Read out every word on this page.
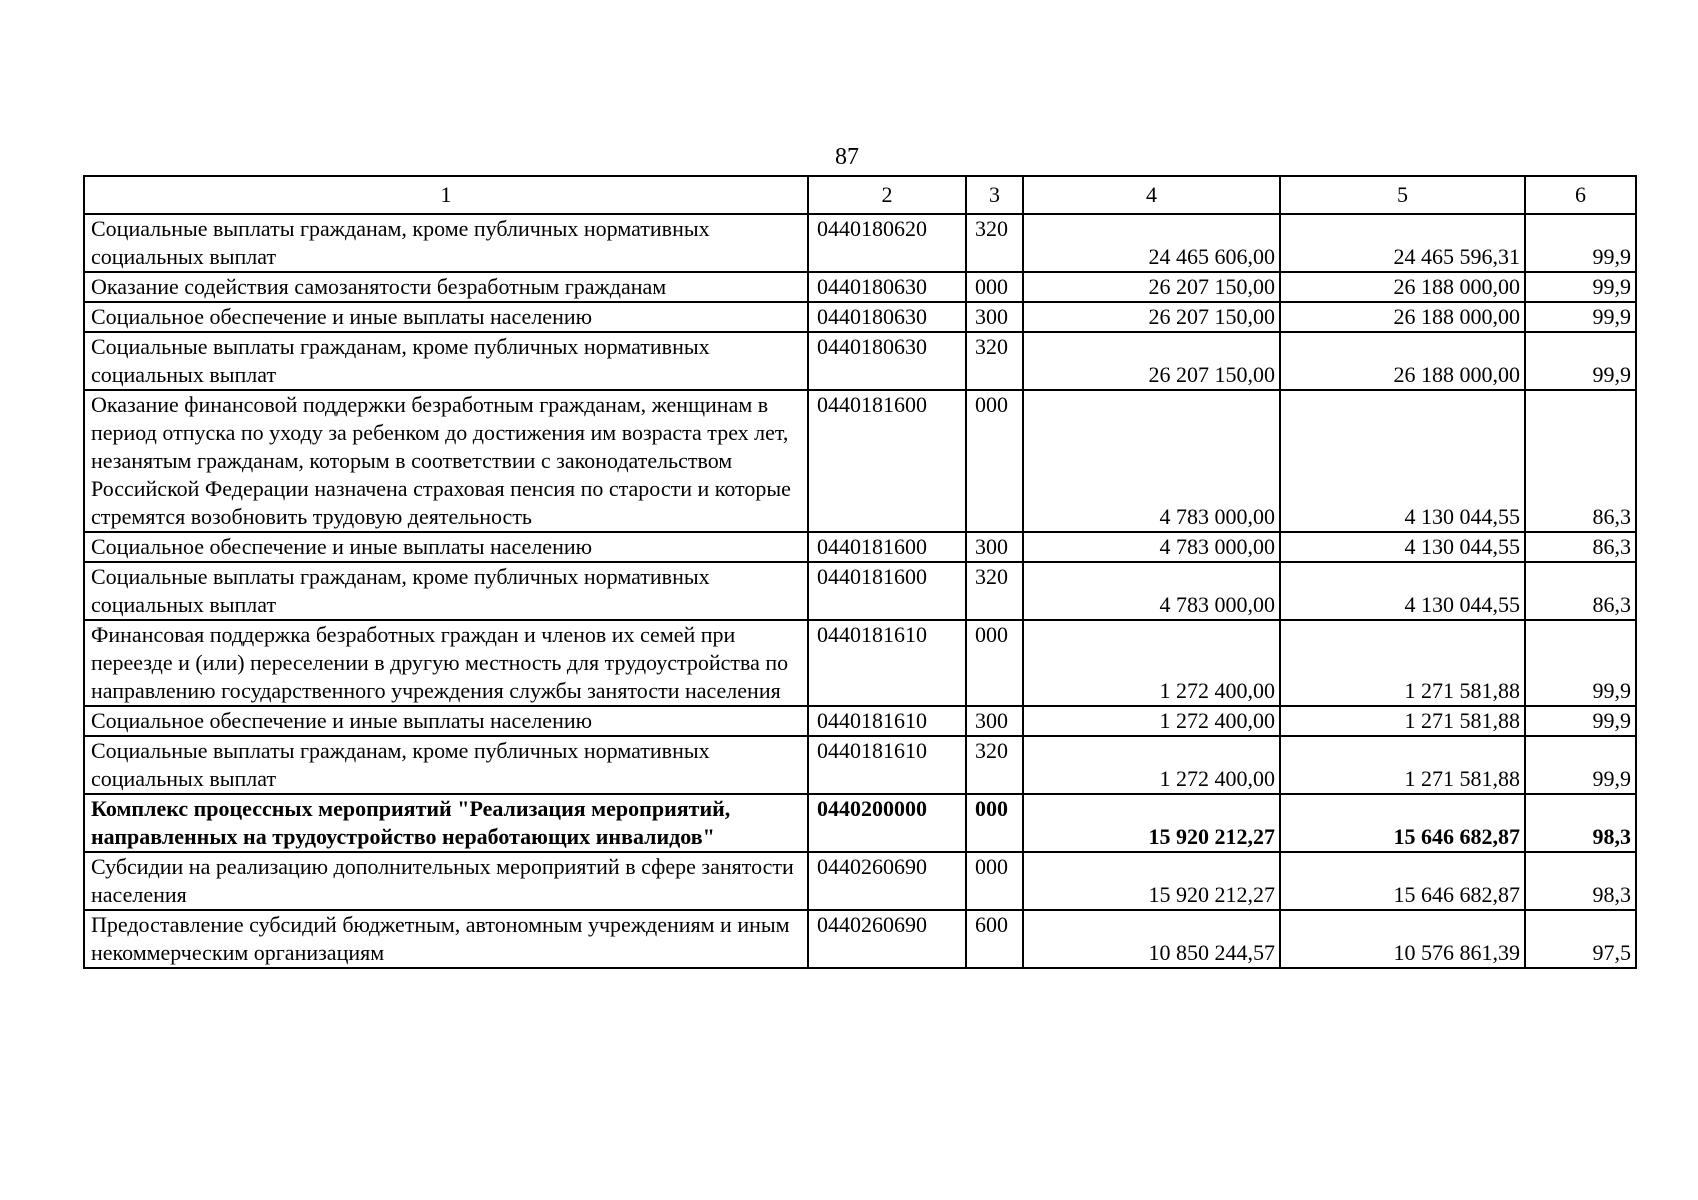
87
1	2	3	4	5	6
Социальные выплаты гражданам, кроме публичных нормативных социальных выплат	0440180620	320	24 465 606,00	24 465 596,31	99,9
Оказание содействия самозанятости безработным гражданам	0440180630	000	26 207 150,00	26 188 000,00	99,9
Социальное обеспечение и иные выплаты населению	0440180630	300	26 207 150,00	26 188 000,00	99,9
Социальные выплаты гражданам, кроме публичных нормативных социальных выплат	0440180630	320	26 207 150,00	26 188 000,00	99,9
Оказание финансовой поддержки безработным гражданам, женщинам в период отпуска по уходу за ребенком до достижения им возраста трех лет, незанятым гражданам, которым в соответствии с законодательством Российской Федерации назначена страховая пенсия по старости и которые стремятся возобновить трудовую деятельность	0440181600	000	4 783 000,00	4 130 044,55	86,3
Социальное обеспечение и иные выплаты населению	0440181600	300	4 783 000,00	4 130 044,55	86,3
Социальные выплаты гражданам, кроме публичных нормативных социальных выплат	0440181600	320	4 783 000,00	4 130 044,55	86,3
Финансовая поддержка безработных граждан и членов их семей при переезде и (или) переселении в другую местность для трудоустройства по направлению государственного учреждения службы занятости населения	0440181610	000	1 272 400,00	1 271 581,88	99,9
Социальное обеспечение и иные выплаты населению	0440181610	300	1 272 400,00	1 271 581,88	99,9
Социальные выплаты гражданам, кроме публичных нормативных социальных выплат	0440181610	320	1 272 400,00	1 271 581,88	99,9
Комплекс процессных мероприятий "Реализация мероприятий, направленных на трудоустройство неработающих инвалидов"	0440200000	000	15 920 212,27	15 646 682,87	98,3
Субсидии на реализацию дополнительных мероприятий в сфере занятости населения	0440260690	000	15 920 212,27	15 646 682,87	98,3
Предоставление субсидий бюджетным, автономным учреждениям и иным некоммерческим организациям	0440260690	600	10 850 244,57	10 576 861,39	97,5
